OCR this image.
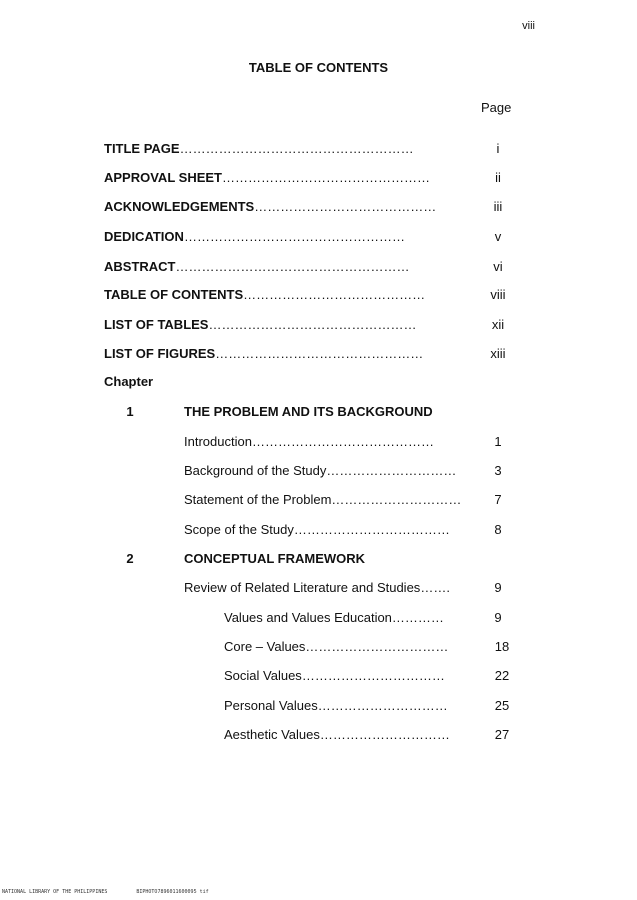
viii
TABLE OF CONTENTS
Page
TITLE PAGE………………………………………………	i
APPROVAL SHEET…………………………………………	ii
ACKNOWLEDGEMENTS……………………………………	iii
DEDICATION……………………………………………	v
ABSTRACT………………………………………………	vi
TABLE OF CONTENTS……………………………………	viii
LIST OF TABLES…………………………………………	xii
LIST OF FIGURES…………………………………………	xiii
Chapter
1	THE PROBLEM AND ITS BACKGROUND
Introduction……………………………………	1
Background of the Study…………………………	3
Statement of the Problem…………………………	7
Scope of the Study………………………………	8
2	CONCEPTUAL FRAMEWORK
Review of Related Literature and Studies…….	9
Values and Values Education…………	9
Core – Values……………………………	18
Social Values……………………………	22
Personal Values…………………………	25
Aesthetic Values…………………………	27
NATIONAL LIBRARY OF THE PHILIPPINES	BIPHOTO7896011600095 tif
